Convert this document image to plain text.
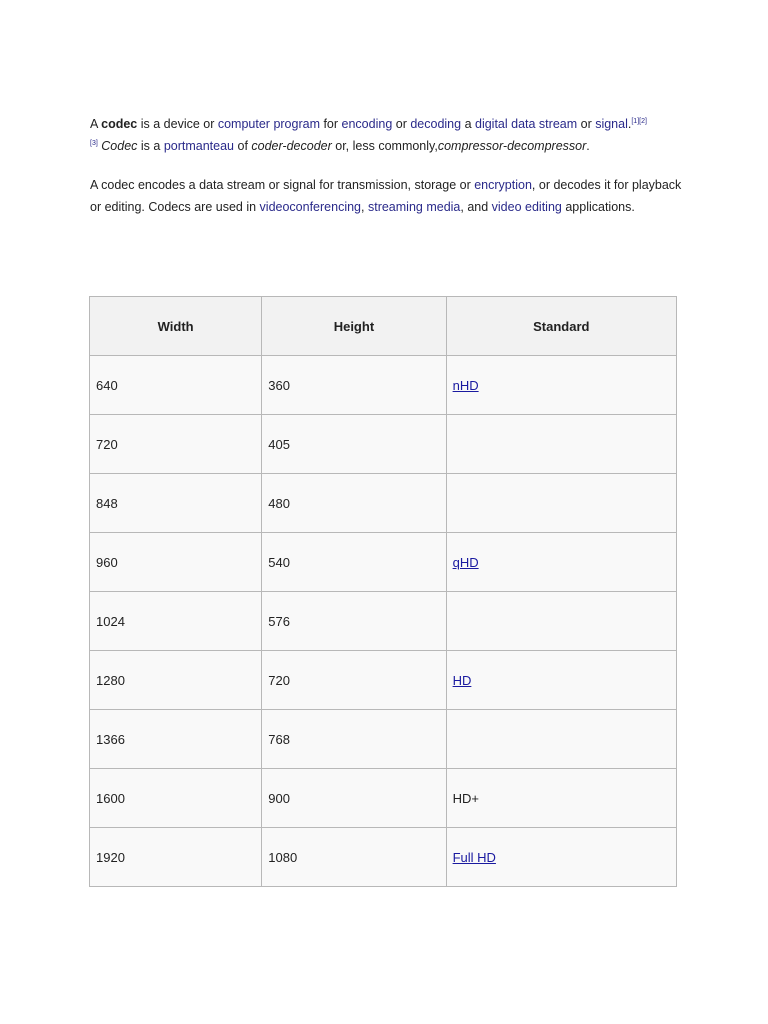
A codec is a device or computer program for encoding or decoding a digital data stream or signal.[1][2]
[3] Codec is a portmanteau of coder-decoder or, less commonly,compressor-decompressor.
A codec encodes a data stream or signal for transmission, storage or encryption, or decodes it for playback or editing. Codecs are used in videoconferencing, streaming media, and video editing applications.
Width	Height	Standard
640	360	nHD
720	405	
848	480	
960	540	qHD
1024	576	
1280	720	HD
1366	768	
1600	900	HD+
1920	1080	Full HD
